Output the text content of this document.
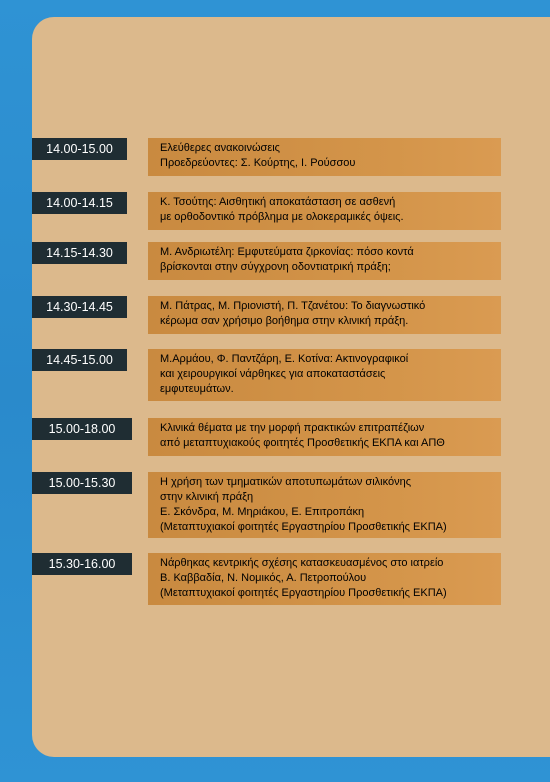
14.00-15.00	Ελεύθερες ανακοινώσεις
Προεδρεύοντες: Σ. Κούρτης, Ι. Ρούσσου
14.00-14.15	Κ. Τσούτης: Αισθητική αποκατάσταση σε ασθενή
με ορθοδοντικό πρόβλημα με ολοκεραμικές όψεις.
14.15-14.30	Μ. Ανδριωτέλη: Εμφυτεύματα ζιρκονίας: πόσο κοντά
βρίσκονται στην σύγχρονη οδοντιατρική πράξη;
14.30-14.45	Μ. Πάτρας, Μ. Πριονιστή, Π. Τζανέτου: Το διαγνωστικό
κέρωμα σαν χρήσιμο βοήθημα στην κλινική πράξη.
14.45-15.00	Μ.Αρμάου, Φ. Παντζάρη, Ε. Κοτίνα: Ακτινογραφικοί
και χειρουργικοί νάρθηκες για αποκαταστάσεις
εμφυτευμάτων.
15.00-18.00	Κλινικά θέματα με την μορφή πρακτικών επιτραπέζιων
από μεταπτυχιακούς φοιτητές Προσθετικής ΕΚΠΑ και ΑΠΘ
15.00-15.30	Η χρήση των τμηματικών αποτυπωμάτων σιλικόνης
στην κλινική πράξη
Ε. Σκόνδρα, Μ. Μηριάκου, Ε. Επιτροπάκη
(Μεταπτυχιακοί φοιτητές Εργαστηρίου Προσθετικής ΕΚΠΑ)
15.30-16.00	Νάρθηκας κεντρικής σχέσης κατασκευασμένος στο ιατρείο
Β. Καββαδία, Ν. Νομικός, Α. Πετροπούλου
(Μεταπτυχιακοί φοιτητές Εργαστηρίου Προσθετικής ΕΚΠΑ)
